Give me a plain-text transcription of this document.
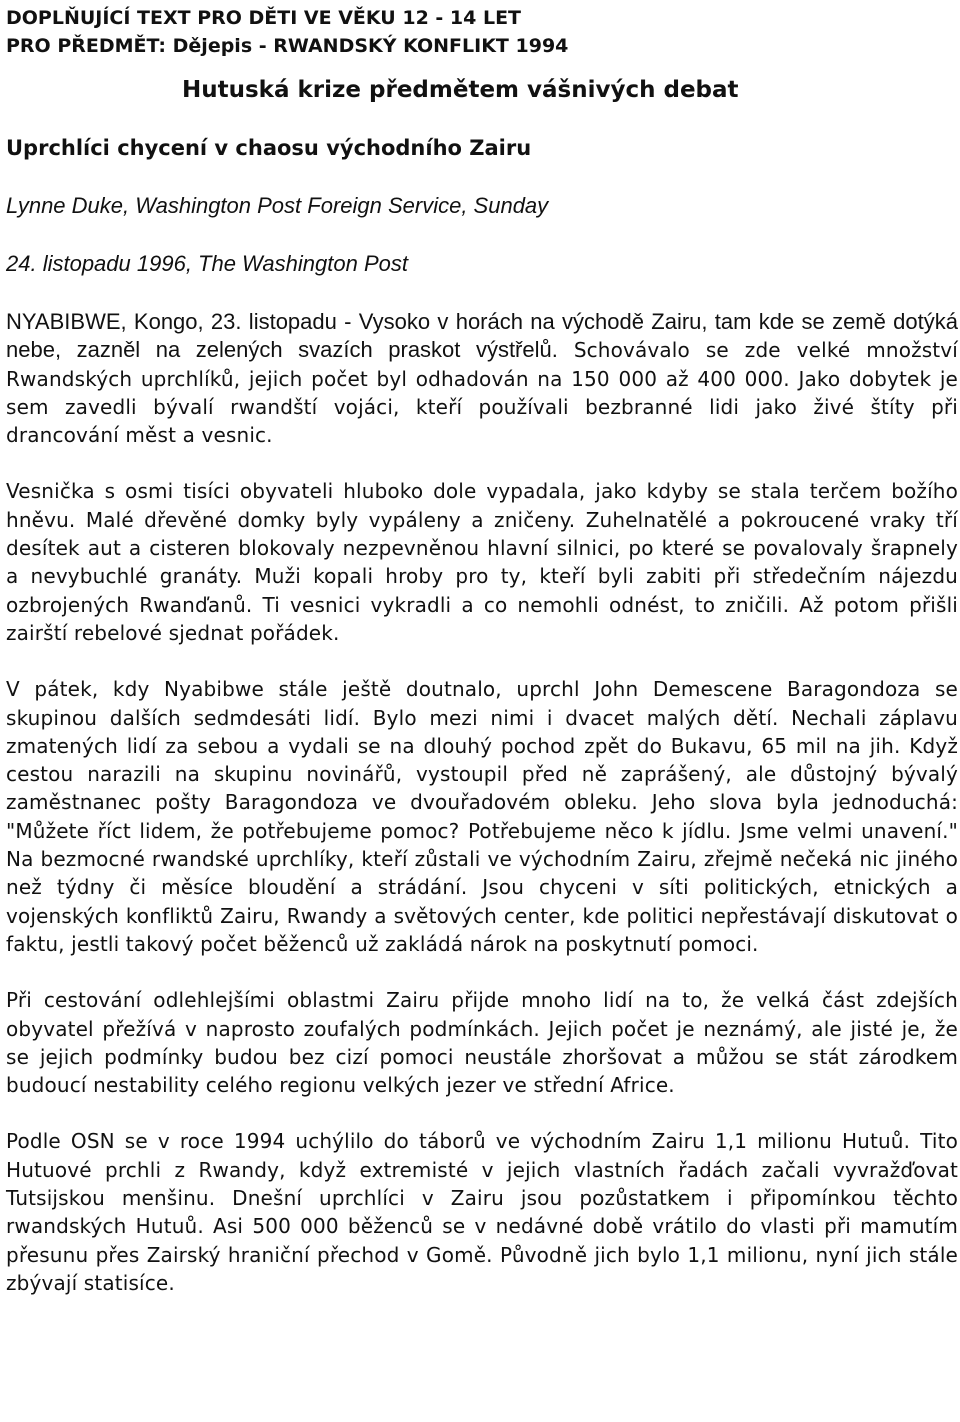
DOPLŇUJÍCÍ TEXT PRO DĚTI VE VĚKU 12 - 14 LET
PRO PŘEDMĚT: Dějepis - RWANDSKÝ KONFLIKT 1994
Hutuská krize předmětem vášnivých debat
Uprchlíci chycení v chaosu východního Zairu
Lynne Duke, Washington Post Foreign Service, Sunday
24. listopadu 1996, The Washington Post

NYABIBWE, Kongo, 23. listopadu - Vysoko v horách na východě Zairu, tam kde se země dotýká nebe, zazněl na zelených svazích praskot výstřelů. Schovávalo se zde velké množství Rwandských uprchlíků, jejich počet byl odhadován na 150 000 až 400 000. Jako dobytek je sem zavedli bývalí rwandští vojáci, kteří používali bezbranné lidi jako živé štíty při drancování měst a vesnic.

Vesnička s osmi tisíci obyvateli hluboko dole vypadala, jako kdyby se stala terčem božího hněvu. Malé dřevěné domky byly vypáleny a zničeny. Zuhelnatělé a pokroucené vraky tří desítek aut a cisteren blokovaly nezpevněnou hlavní silnici, po které se povalovaly šrapnely a nevybuchlé granáty. Muži kopali hroby pro ty, kteří byli zabiti při středečním nájezdu ozbrojených Rwanďanů. Ti vesnici vykradli a co nemohli odnést, to zničili. Až potom přišli zairští rebelové sjednat pořádek.

V pátek, kdy Nyabibwe stále ještě doutnalo, uprchl John Demescene Baragondoza se skupinou dalších sedmdesáti lidí. Bylo mezi nimi i dvacet malých dětí. Nechali záplavu zmatených lidí za sebou a vydali se na dlouhý pochod zpět do Bukavu, 65 mil na jih. Když cestou narazili na skupinu novinářů, vystoupil před ně zaprášený, ale důstojný bývalý zaměstnanec pošty Baragondoza ve dvouřadovém obleku. Jeho slova byla jednoduchá: "Můžete říct lidem, že potřebujeme pomoc? Potřebujeme něco k jídlu. Jsme velmi unavení." Na bezmocné rwandské uprchlíky, kteří zůstali ve východním Zairu, zřejmě nečeká nic jiného než týdny či měsíce bloudění a strádání. Jsou chyceni v síti politických, etnických a vojenských konfliktů Zairu, Rwandy a světových center, kde politici nepřestávají diskutovat o faktu, jestli takový počet běženců už zakládá nárok na poskytnutí pomoci.

Při cestování odlehlejšími oblastmi Zairu přijde mnoho lidí na to, že velká část zdejších obyvatel přežívá v naprosto zoufalých podmínkách. Jejich počet je neznámý, ale jisté je, že se jejich podmínky budou bez cizí pomoci neustále zhoršovat a můžou se stát zárodkem budoucí nestability celého regionu velkých jezer ve střední Africe.

Podle OSN se v roce 1994 uchýlilo do táborů ve východním Zairu 1,1 milionu Hutuů. Tito Hutuové prchli z Rwandy, když extremisté v jejich vlastních řadách začali vyvražďovat Tutsijskou menšinu. Dnešní uprchlíci v Zairu jsou pozůstatkem i připomínkou těchto rwandských Hutuů. Asi 500 000 běženců se v nedávné době vrátilo do vlasti při mamutím přesunu přes Zairský hraniční přechod v Gomě. Původně jich bylo 1,1 milionu, nyní jich stále zbývají statisíce.
